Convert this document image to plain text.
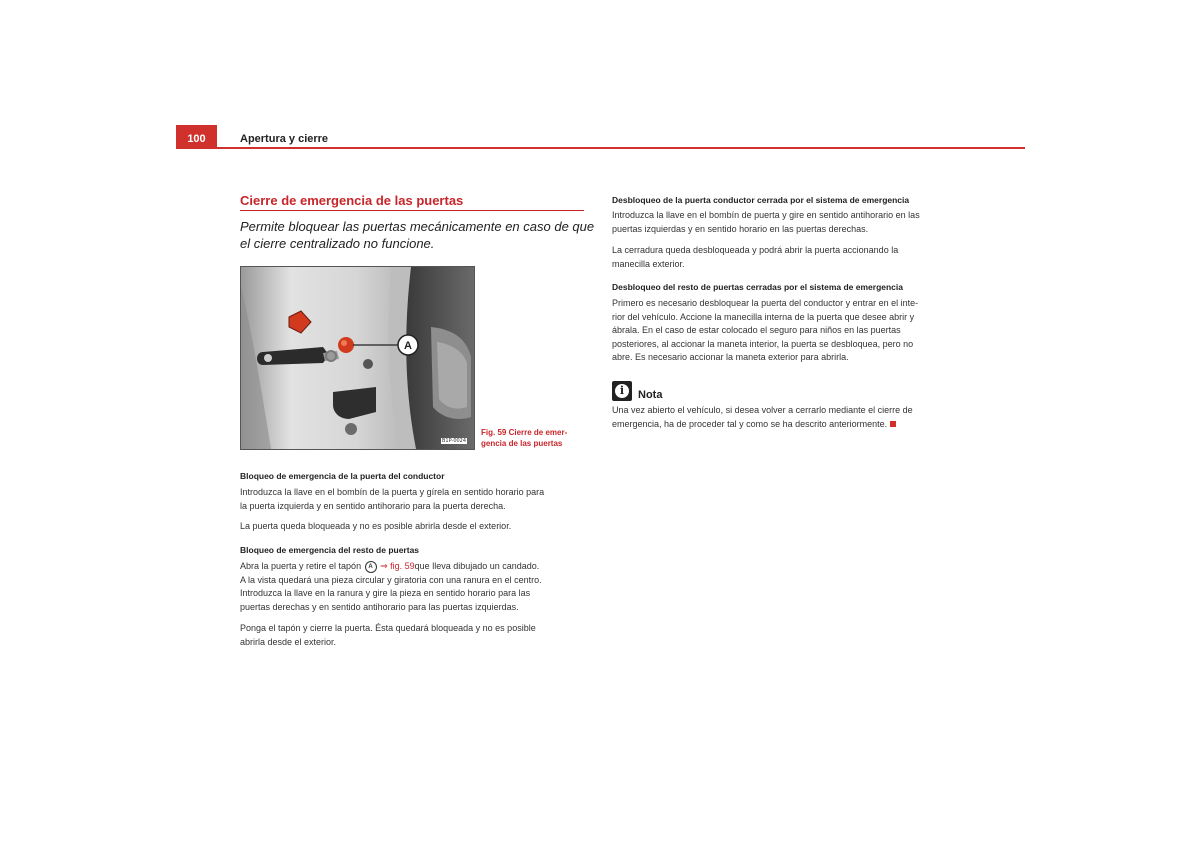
100	Apertura y cierre
Cierre de emergencia de las puertas
Permite bloquear las puertas mecánicamente en caso de que
el cierre centralizado no funcione.
A
B1P-0024
Fig. 59 Cierre de emer-
gencia de las puertas
Bloqueo de emergencia de la puerta del conductor
Introduzca la llave en el bombín de la puerta y gírela en sentido horario para
la puerta izquierda y en sentido antihorario para la puerta derecha.
La puerta queda bloqueada y no es posible abrirla desde el exterior.
Bloqueo de emergencia del resto de puertas
Abra la puerta y retire el tapón A ⇒ fig. 59que lleva dibujado un candado.
A la vista quedará una pieza circular y giratoria con una ranura en el centro.
Introduzca la llave en la ranura y gire la pieza en sentido horario para las
puertas derechas y en sentido antihorario para las puertas izquierdas.
Ponga el tapón y cierre la puerta. Ésta quedará bloqueada y no es posible
abrirla desde el exterior.
Desbloqueo de la puerta conductor cerrada por el sistema de emergencia
Introduzca la llave en el bombín de puerta y gire en sentido antihorario en las
puertas izquierdas y en sentido horario en las puertas derechas.
La cerradura queda desbloqueada y podrá abrir la puerta accionando la
manecilla exterior.
Desbloqueo del resto de puertas cerradas por el sistema de emergencia
Primero es necesario desbloquear la puerta del conductor y entrar en el inte-
rior del vehículo. Accione la manecilla interna de la puerta que desee abrir y
ábrala. En el caso de estar colocado el seguro para niños en las puertas
posteriores, al accionar la maneta interior, la puerta se desbloquea, pero no
abre. Es necesario accionar la maneta exterior para abrirla.
i	Nota
Una vez abierto el vehículo, si desea volver a cerrarlo mediante el cierre de
emergencia, ha de proceder tal y como se ha descrito anteriormente.
